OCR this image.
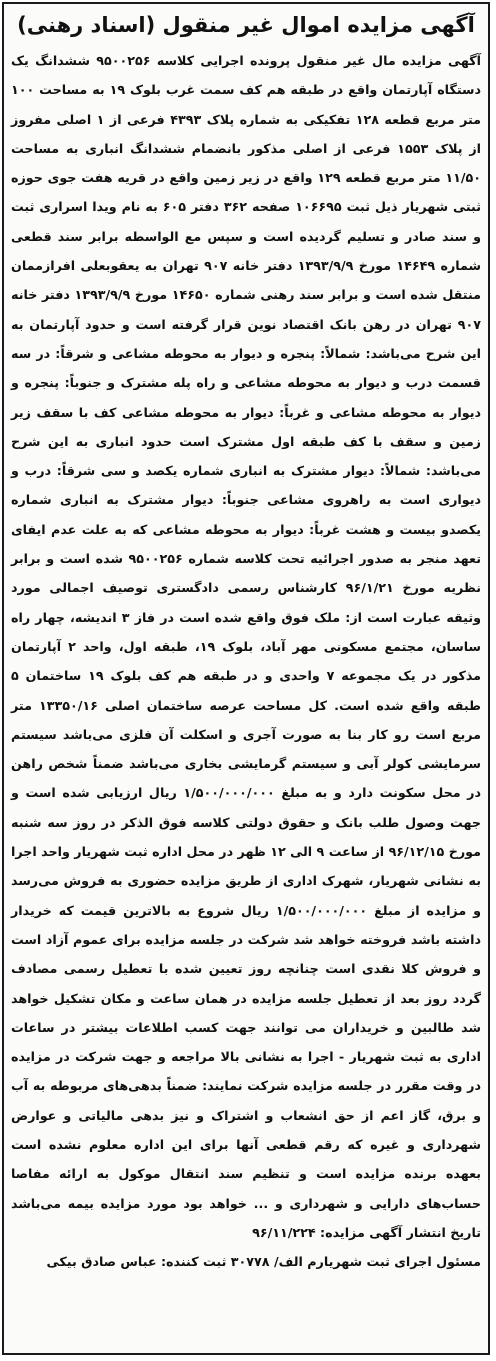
آگهی مزایده اموال غیر منقول (اسناد رهنی)

آگهی مزایده مال غیر منقول پرونده اجرایی کلاسه ۹۵۰۰۲۵۶ ششدانگ یک دستگاه آپارتمان واقع در طبقه هم کف سمت غرب بلوک ۱۹ به مساحت ۱۰۰ متر مربع قطعه ۱۲۸ تفکیکی به شماره پلاک ۴۳۹۳ فرعی از ۱ اصلی مفروز از پلاک ۱۵۵۳ فرعی از اصلی مذکور بانضمام ششدانگ انباری به مساحت ۱۱/۵۰ متر مربع قطعه ۱۲۹ واقع در زیر زمین واقع در قریه هفت جوی حوزه ثبتی شهریار ذیل ثبت ۱۰۶۶۹۵ صفحه ۳۶۲ دفتر ۶۰۵ به نام ویدا اسراری ثبت و سند صادر و تسلیم گردیده است و سپس مع الواسطه برابر سند قطعی شماره ۱۴۶۴۹ مورخ ۱۳۹۳/۹/۹ دفتر خانه ۹۰۷ تهران به یعقوبعلی افرازممان منتقل شده است و برابر سند رهنی شماره ۱۴۶۵۰ مورخ ۱۳۹۳/۹/۹ دفتر خانه ۹۰۷ تهران در رهن بانک اقتصاد نوین قرار گرفته است و حدود آپارتمان به این شرح می‌باشد: شمالاً: پنجره و دیوار به محوطه مشاعی و شرقاً: در سه قسمت درب و دیوار به محوطه مشاعی و راه پله مشترک و جنوباً: پنجره و دیوار به محوطه مشاعی و غرباً: دیوار به محوطه مشاعی کف با سقف زیر زمین و سقف با کف طبقه اول مشترک است حدود انباری به این شرح می‌باشد: شمالاً: دیوار مشترک به انباری شماره یکصد و سی شرقاً: درب و دیواری است به راهروی مشاعی جنوباً: دیوار مشترک به انباری شماره یکصدو بیست و هشت غرباً: دیوار به محوطه مشاعی که به علت عدم ایفای تعهد منجر به صدور اجرائیه تحت کلاسه شماره ۹۵۰۰۲۵۶ شده است و برابر نظریه مورخ ۹۶/۱/۲۱ کارشناس رسمی دادگستری توصیف اجمالی مورد وثیقه عبارت است از: ملک فوق واقع شده است در فاز ۳ اندیشه، چهار راه ساسان، مجتمع مسکونی مهر آباد، بلوک ۱۹، طبقه اول، واحد ۲ آپارتمان مذکور در یک مجموعه ۷ واحدی و در طبقه هم کف بلوک ۱۹ ساختمان ۵ طبقه واقع شده است. کل مساحت عرصه ساختمان اصلی ۱۳۳۵۰/۱۶ متر مربع است رو کار بنا به صورت آجری و اسکلت آن فلزی می‌باشد سیستم سرمایشی کولر آبی و سیستم گرمایشی بخاری می‌باشد ضمناً شخص راهن در محل سکونت دارد و به مبلغ ۱/۵۰۰/۰۰۰/۰۰۰ ریال ارزیابی شده است و جهت وصول طلب بانک و حقوق دولتی کلاسه فوق الذکر در روز سه شنبه مورخ ۹۶/۱۲/۱۵ از ساعت ۹ الی ۱۲ ظهر در محل اداره ثبت شهریار واحد اجرا به نشانی شهریار، شهرک اداری از طریق مزایده حضوری به فروش می‌رسد و مزایده از مبلغ ۱/۵۰۰/۰۰۰/۰۰۰ ریال شروع به بالاترین قیمت که خریدار داشته باشد فروخته خواهد شد شرکت در جلسه مزایده برای عموم آزاد است و فروش کلا نقدی است چنانچه روز تعیین شده با تعطیل رسمی مصادف گردد روز بعد از تعطیل جلسه مزایده در همان ساعت و مکان تشکیل خواهد شد طالبین و خریداران می توانند جهت کسب اطلاعات بیشتر در ساعات اداری به ثبت شهریار - اجرا به نشانی بالا مراجعه و جهت شرکت در مزایده در وقت مقرر در جلسه مزایده شرکت نمایند: ضمناً بدهی‌های مربوطه به آب و برق، گاز اعم از حق انشعاب و اشتراک و نیز بدهی مالیاتی و عوارض شهرداری و غیره که رقم قطعی آنها برای این اداره معلوم نشده است بعهده برنده مزایده است و تنظیم سند انتقال موکول به ارائه مفاصا حساب‌های دارایی و شهرداری و ... خواهد بود مورد مزایده بیمه می‌باشد تاریخ انتشار آگهی مزایده: ۹۶/۱۱/۲۲۴

مسئول اجرای ثبت شهریارم الف/ ۳۰۷۷۸ ثبت کننده: عباس صادق بیکی
